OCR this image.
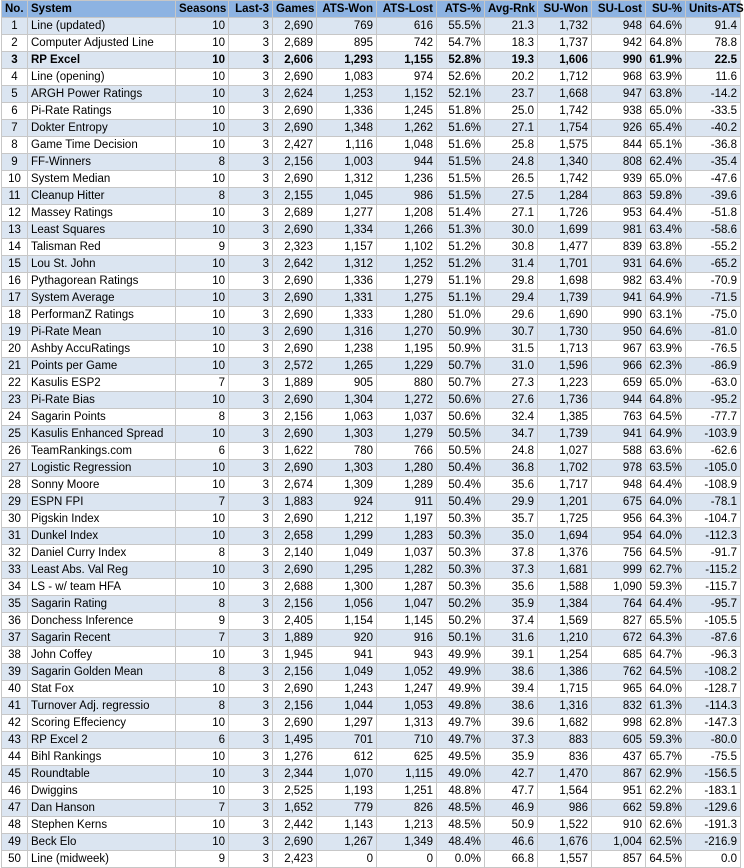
No.	System	Seasons	Last-3	Games	ATS-Won	ATS-Lost	ATS-%	Avg-Rnk	SU-Won	SU-Lost	SU-%	Units-ATS
1	Line (updated)	10	3	2,690	769	616	55.5%	21.3	1,732	948	64.6%	91.4
2	Computer Adjusted Line	10	3	2,689	895	742	54.7%	18.3	1,737	942	64.8%	78.8
3	RP Excel	10	3	2,606	1,293	1,155	52.8%	19.3	1,606	990	61.9%	22.5
4	Line (opening)	10	3	2,690	1,083	974	52.6%	20.2	1,712	968	63.9%	11.6
5	ARGH Power Ratings	10	3	2,624	1,253	1,152	52.1%	23.7	1,668	947	63.8%	-14.2
6	Pi-Rate Ratings	10	3	2,690	1,336	1,245	51.8%	25.0	1,742	938	65.0%	-33.5
7	Dokter Entropy	10	3	2,690	1,348	1,262	51.6%	27.1	1,754	926	65.4%	-40.2
8	Game Time Decision	10	3	2,427	1,116	1,048	51.6%	25.8	1,575	844	65.1%	-36.8
9	FF-Winners	8	3	2,156	1,003	944	51.5%	24.8	1,340	808	62.4%	-35.4
10	System Median	10	3	2,690	1,312	1,236	51.5%	26.5	1,742	939	65.0%	-47.6
11	Cleanup Hitter	8	3	2,155	1,045	986	51.5%	27.5	1,284	863	59.8%	-39.6
12	Massey Ratings	10	3	2,689	1,277	1,208	51.4%	27.1	1,726	953	64.4%	-51.8
13	Least Squares	10	3	2,690	1,334	1,266	51.3%	30.0	1,699	981	63.4%	-58.6
14	Talisman Red	9	3	2,323	1,157	1,102	51.2%	30.8	1,477	839	63.8%	-55.2
15	Lou St. John	10	3	2,642	1,312	1,252	51.2%	31.4	1,701	931	64.6%	-65.2
16	Pythagorean Ratings	10	3	2,690	1,336	1,279	51.1%	29.8	1,698	982	63.4%	-70.9
17	System Average	10	3	2,690	1,331	1,275	51.1%	29.4	1,739	941	64.9%	-71.5
18	PerformanZ Ratings	10	3	2,690	1,333	1,280	51.0%	29.6	1,690	990	63.1%	-75.0
19	Pi-Rate Mean	10	3	2,690	1,316	1,270	50.9%	30.7	1,730	950	64.6%	-81.0
20	Ashby AccuRatings	10	3	2,690	1,238	1,195	50.9%	31.5	1,713	967	63.9%	-76.5
21	Points per Game	10	3	2,572	1,265	1,229	50.7%	31.0	1,596	966	62.3%	-86.9
22	Kasulis ESP2	7	3	1,889	905	880	50.7%	27.3	1,223	659	65.0%	-63.0
23	Pi-Rate Bias	10	3	2,690	1,304	1,272	50.6%	27.6	1,736	944	64.8%	-95.2
24	Sagarin Points	8	3	2,156	1,063	1,037	50.6%	32.4	1,385	763	64.5%	-77.7
25	Kasulis Enhanced Spread	10	3	2,690	1,303	1,279	50.5%	34.7	1,739	941	64.9%	-103.9
26	TeamRankings.com	6	3	1,622	780	766	50.5%	24.8	1,027	588	63.6%	-62.6
27	Logistic Regression	10	3	2,690	1,303	1,280	50.4%	36.8	1,702	978	63.5%	-105.0
28	Sonny Moore	10	3	2,674	1,309	1,289	50.4%	35.6	1,717	948	64.4%	-108.9
29	ESPN FPI	7	3	1,883	924	911	50.4%	29.9	1,201	675	64.0%	-78.1
30	Pigskin Index	10	3	2,690	1,212	1,197	50.3%	35.7	1,725	956	64.3%	-104.7
31	Dunkel Index	10	3	2,658	1,299	1,283	50.3%	35.0	1,694	954	64.0%	-112.3
32	Daniel Curry Index	8	3	2,140	1,049	1,037	50.3%	37.8	1,376	756	64.5%	-91.7
33	Least Abs. Val Reg	10	3	2,690	1,295	1,282	50.3%	37.3	1,681	999	62.7%	-115.2
34	LS - w/ team HFA	10	3	2,688	1,300	1,287	50.3%	35.6	1,588	1,090	59.3%	-115.7
35	Sagarin Rating	8	3	2,156	1,056	1,047	50.2%	35.9	1,384	764	64.4%	-95.7
36	Donchess Inference	9	3	2,405	1,154	1,145	50.2%	37.4	1,569	827	65.5%	-105.5
37	Sagarin Recent	7	3	1,889	920	916	50.1%	31.6	1,210	672	64.3%	-87.6
38	John Coffey	10	3	1,945	941	943	49.9%	39.1	1,254	685	64.7%	-96.3
39	Sagarin Golden Mean	8	3	2,156	1,049	1,052	49.9%	38.6	1,386	762	64.5%	-108.2
40	Stat Fox	10	3	2,690	1,243	1,247	49.9%	39.4	1,715	965	64.0%	-128.7
41	Turnover Adj. regressio	8	3	2,156	1,044	1,053	49.8%	38.6	1,316	832	61.3%	-114.3
42	Scoring Effeciency	10	3	2,690	1,297	1,313	49.7%	39.6	1,682	998	62.8%	-147.3
43	RP Excel 2	6	3	1,495	701	710	49.7%	37.3	883	605	59.3%	-80.0
44	Bihl Rankings	10	3	1,276	612	625	49.5%	35.9	836	437	65.7%	-75.5
45	Roundtable	10	3	2,344	1,070	1,115	49.0%	42.7	1,470	867	62.9%	-156.5
46	Dwiggins	10	3	2,525	1,193	1,251	48.8%	47.7	1,564	951	62.2%	-183.1
47	Dan Hanson	7	3	1,652	779	826	48.5%	46.9	986	662	59.8%	-129.6
48	Stephen Kerns	10	3	2,442	1,143	1,213	48.5%	50.9	1,522	910	62.6%	-191.3
49	Beck Elo	10	3	2,690	1,267	1,349	48.4%	46.6	1,676	1,004	62.5%	-216.9
50	Line (midweek)	9	3	2,423	0	0	0.0%	66.8	1,557	857	64.5%	0.0
